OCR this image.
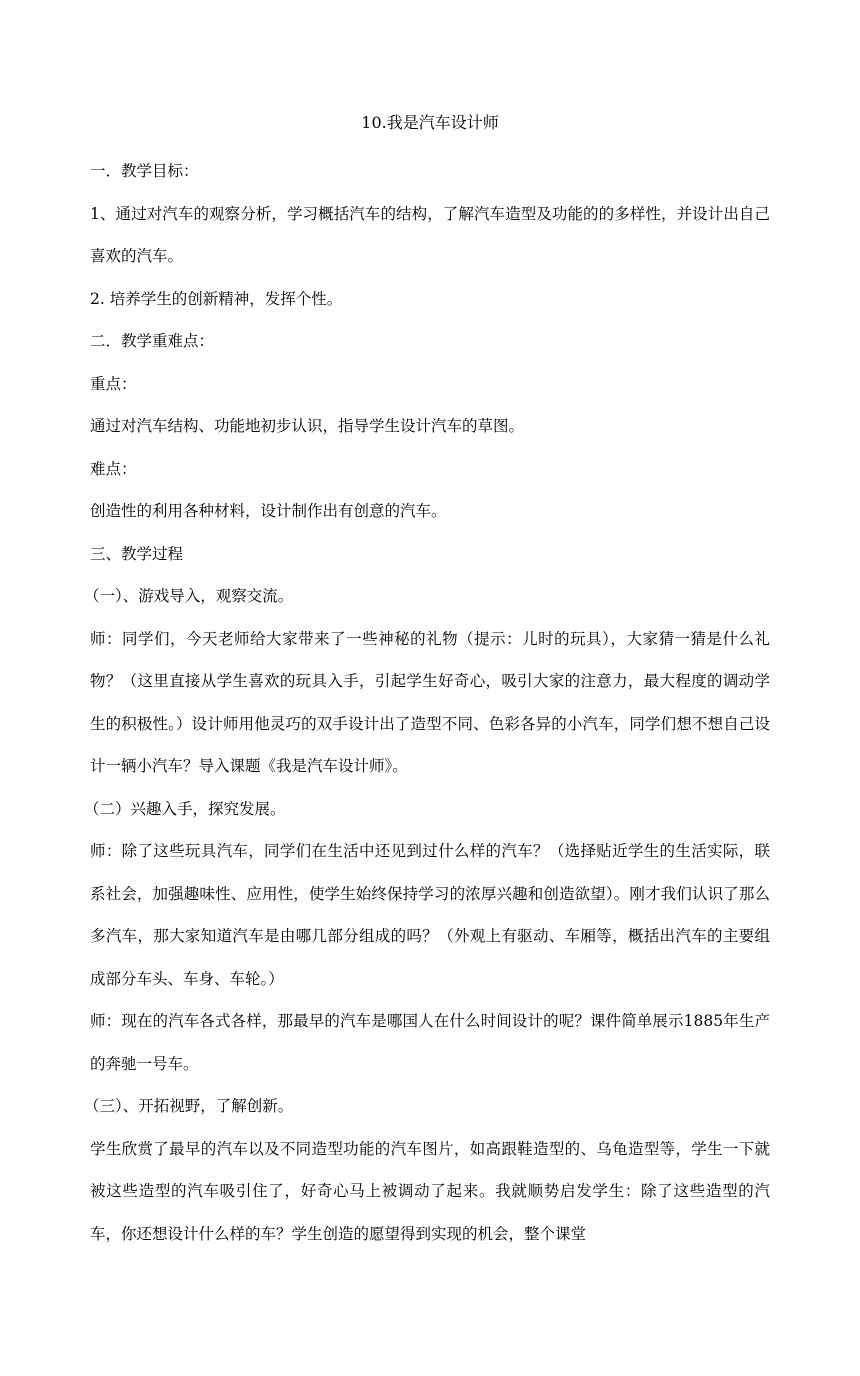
10.我是汽车设计师

一．教学目标：

1、通过对汽车的观察分析，学习概括汽车的结构，了解汽车造型及功能的的多样性，并设计出自己喜欢的汽车。

2. 培养学生的创新精神，发挥个性。

二．教学重难点：

重点：

通过对汽车结构、功能地初步认识，指导学生设计汽车的草图。

难点：

创造性的利用各种材料，设计制作出有创意的汽车。

三、教学过程

（一）、游戏导入，观察交流。

师：同学们，今天老师给大家带来了一些神秘的礼物（提示：儿时的玩具），大家猜一猜是什么礼物？（这里直接从学生喜欢的玩具入手，引起学生好奇心，吸引大家的注意力，最大程度的调动学生的积极性。）设计师用他灵巧的双手设计出了造型不同、色彩各异的小汽车，同学们想不想自己设计一辆小汽车？导入课题《我是汽车设计师》。

（二）兴趣入手，探究发展。

师：除了这些玩具汽车，同学们在生活中还见到过什么样的汽车？（选择贴近学生的生活实际，联系社会，加强趣味性、应用性，使学生始终保持学习的浓厚兴趣和创造欲望）。刚才我们认识了那么多汽车，那大家知道汽车是由哪几部分组成的吗？（外观上有驱动、车厢等，概括出汽车的主要组成部分车头、车身、车轮。）

师：现在的汽车各式各样，那最早的汽车是哪国人在什么时间设计的呢？课件简单展示1885年生产的奔驰一号车。

（三）、开拓视野，了解创新。

学生欣赏了最早的汽车以及不同造型功能的汽车图片，如高跟鞋造型的、乌龟造型等，学生一下就被这些造型的汽车吸引住了，好奇心马上被调动了起来。我就顺势启发学生：除了这些造型的汽车，你还想设计什么样的车？学生创造的愿望得到实现的机会，整个课堂
